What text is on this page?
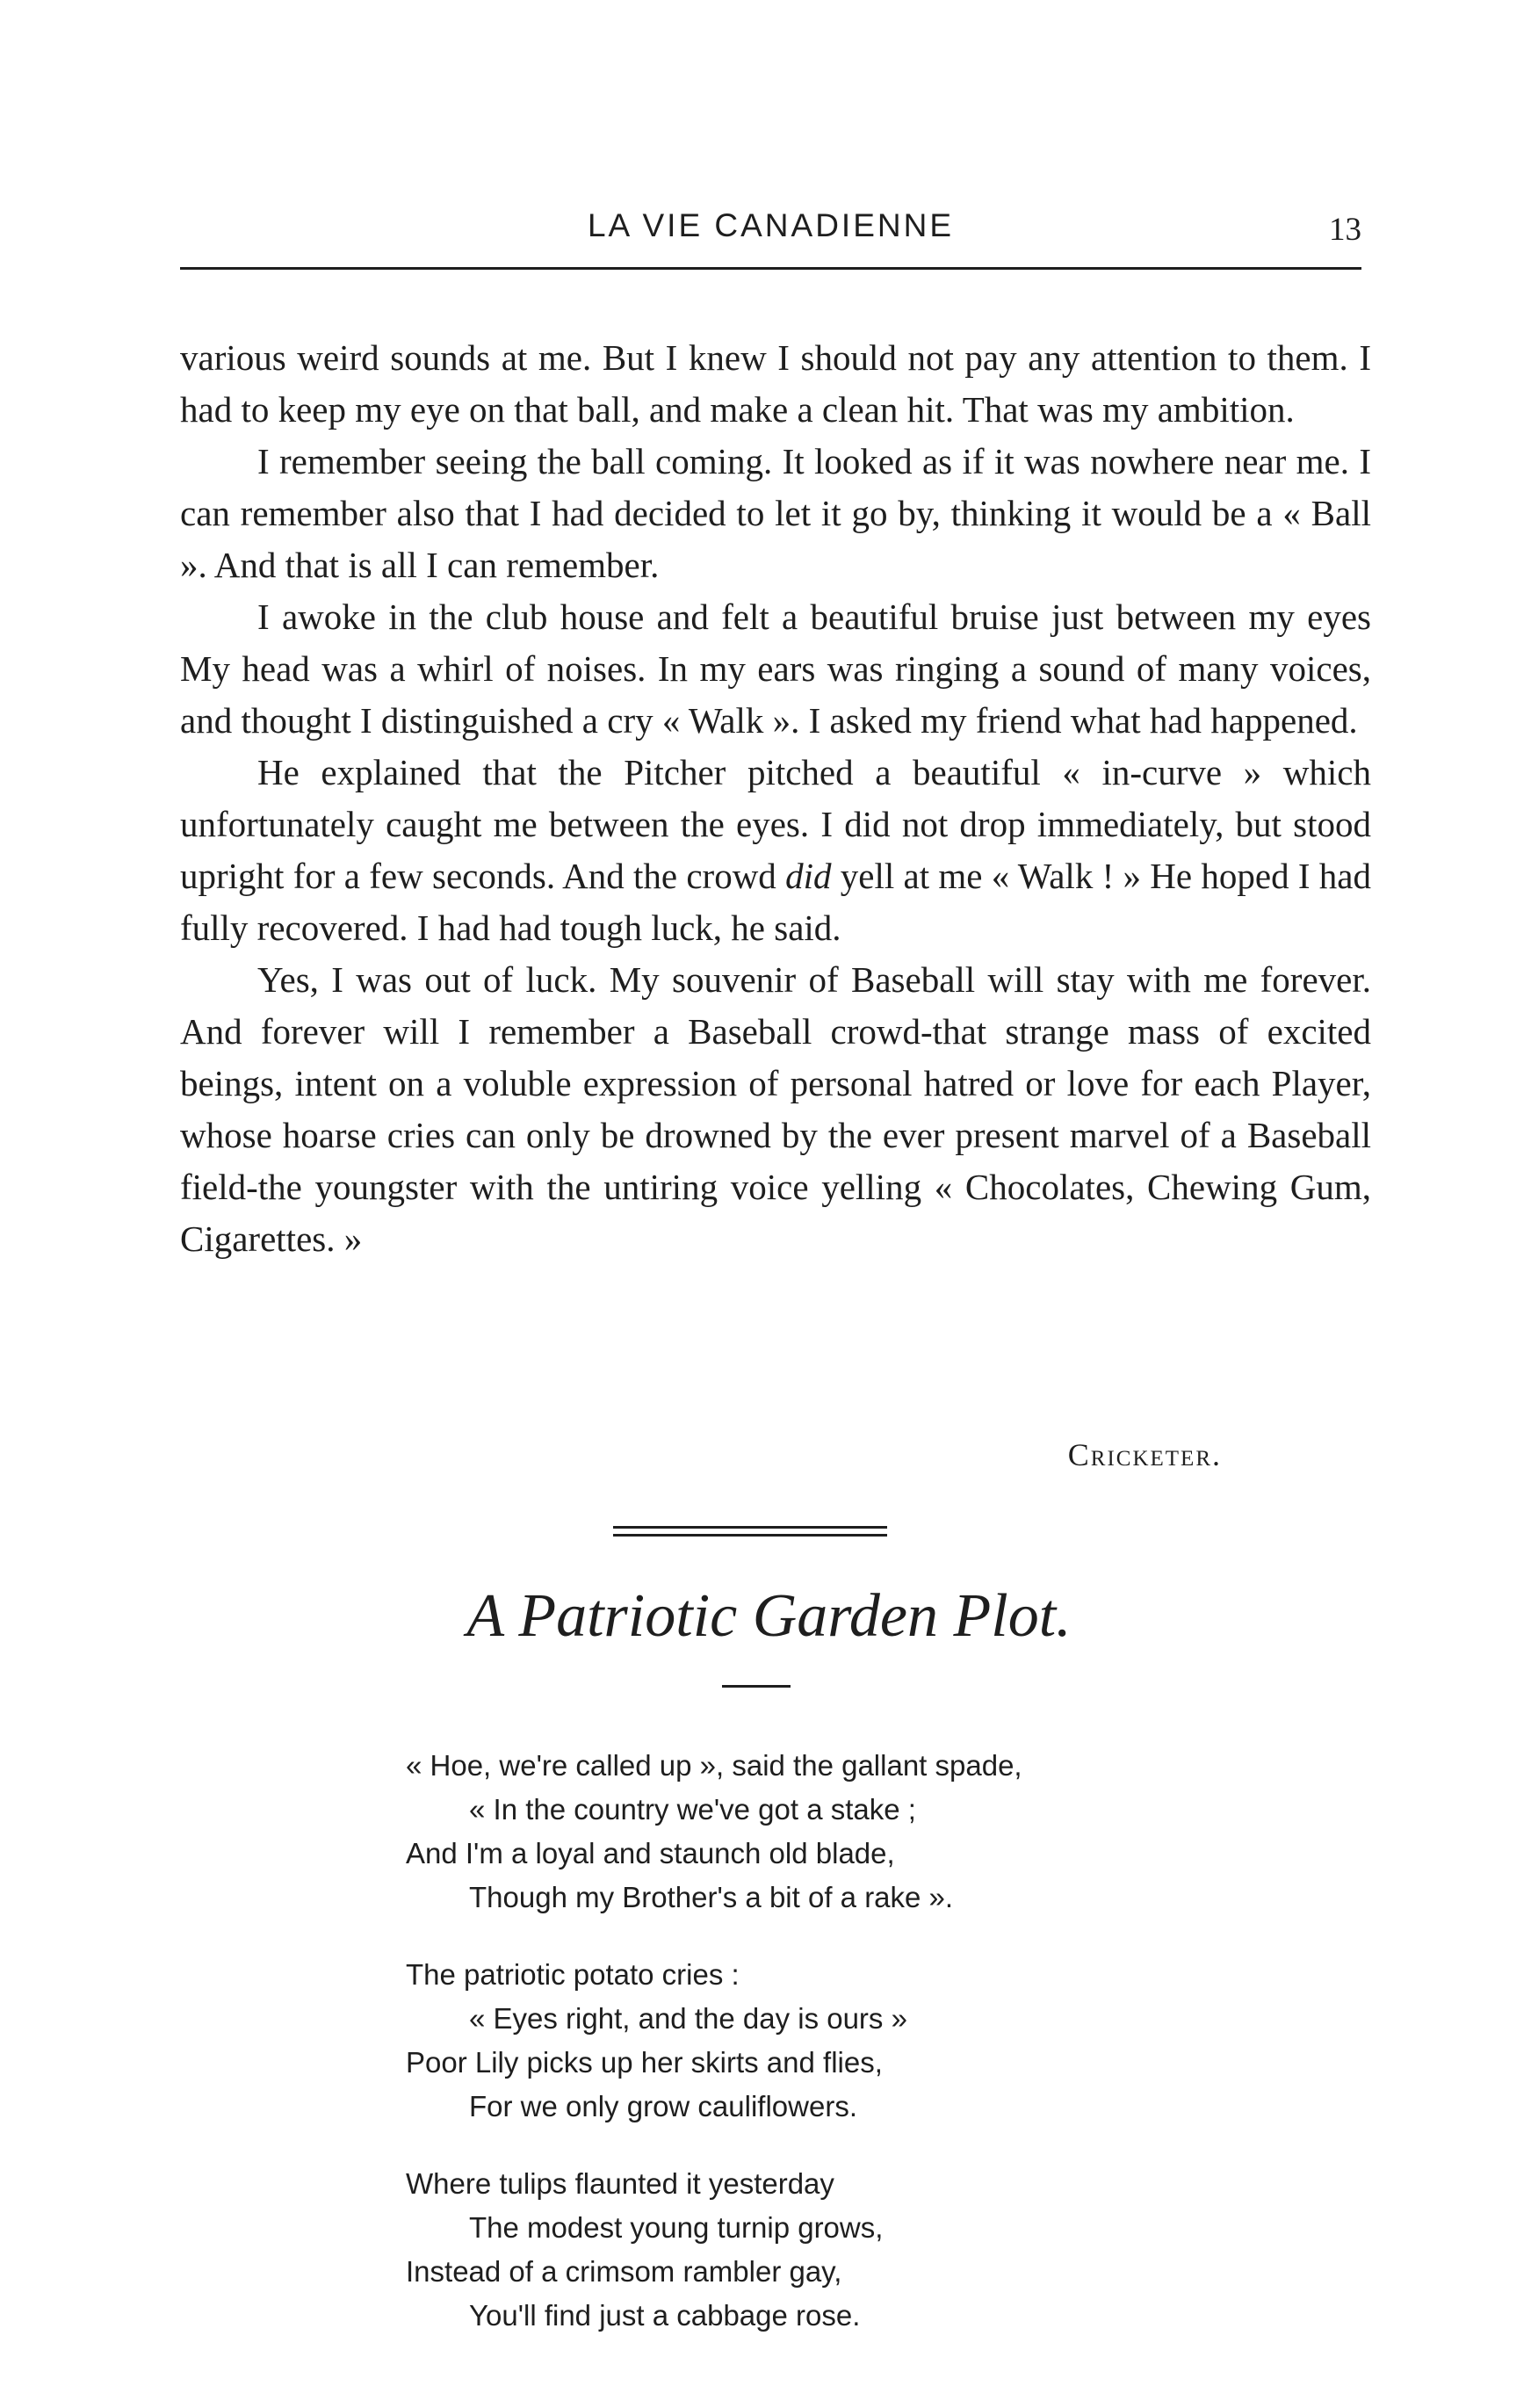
LA VIE CANADIENNE	13

various weird sounds at me. But I knew I should not pay any attention to them. I had to keep my eye on that ball, and make a clean hit. That was my ambition.

I remember seeing the ball coming. It looked as if it was nowhere near me. I can remember also that I had decided to let it go by, thinking it would be a « Ball ». And that is all I can remember.

I awoke in the club house and felt a beautiful bruise just between my eyes My head was a whirl of noises. In my ears was ringing a sound of many voices, and thought I distinguished a cry « Walk ». I asked my friend what had happened.

He explained that the Pitcher pitched a beautiful « in-curve » which unfortunately caught me between the eyes. I did not drop immediately, but stood upright for a few seconds. And the crowd did yell at me « Walk ! » He hoped I had fully recovered. I had had tough luck, he said.

Yes, I was out of luck. My souvenir of Baseball will stay with me forever. And forever will I remember a Baseball crowd-that strange mass of excited beings, intent on a voluble expression of personal hatred or love for each Player, whose hoarse cries can only be drowned by the ever present marvel of a Baseball field-the youngster with the untiring voice yelling « Chocolates, Chewing Gum, Cigarettes. »

Cricketer.
A Patriotic Garden Plot.
« Hoe, we're called up », said the gallant spade,
« In the country we've got a stake ;
And I'm a loyal and staunch old blade,
Though my Brother's a bit of a rake ».
The patriotic potato cries :
« Eyes right, and the day is ours »
Poor Lily picks up her skirts and flies,
For we only grow cauliflowers.
Where tulips flaunted it yesterday
The modest young turnip grows,
Instead of a crimsom rambler gay,
You'll find just a cabbage rose.
